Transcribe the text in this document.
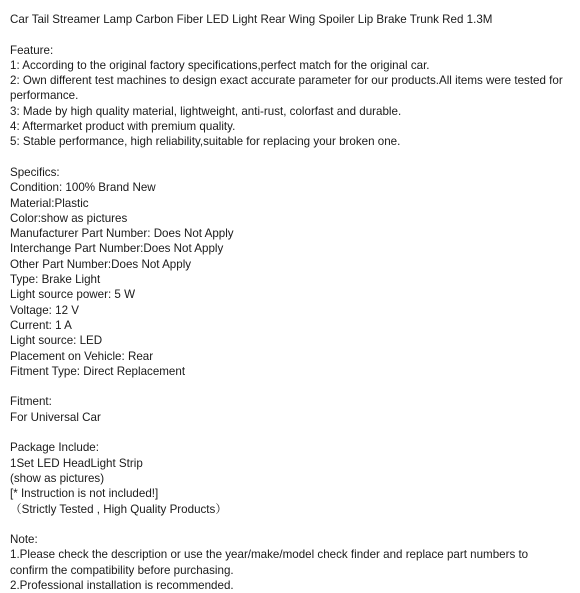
Car Tail Streamer Lamp Carbon Fiber LED Light Rear Wing Spoiler Lip Brake Trunk Red 1.3M

Feature:

1: According to the original factory specifications,perfect match for the original car.

2: Own different test machines to design exact accurate parameter for our products.All items were tested for performance.

3: Made by high quality material, lightweight, anti-rust, colorfast and durable.

4: Aftermarket product with premium quality.

5: Stable performance, high reliability,suitable for replacing your broken one.

Specifics:

Condition: 100% Brand New

Material:Plastic

Color:show as pictures

Manufacturer Part Number: Does Not Apply

Interchange Part Number:Does Not Apply

Other Part Number:Does Not Apply

Type: Brake Light

Light source power: 5 W

Voltage: 12 V

Current: 1 A

Light source: LED

Placement on Vehicle: Rear

Fitment Type: Direct Replacement

Fitment:

For Universal Car

Package Include:

1Set LED HeadLight Strip

(show as pictures)

[* Instruction is not included!]

（Strictly Tested , High Quality Products）

Note:

1.Please check the description or use the year/make/model check finder and replace part numbers to confirm the compatibility before purchasing.

2.Professional installation is recommended.
